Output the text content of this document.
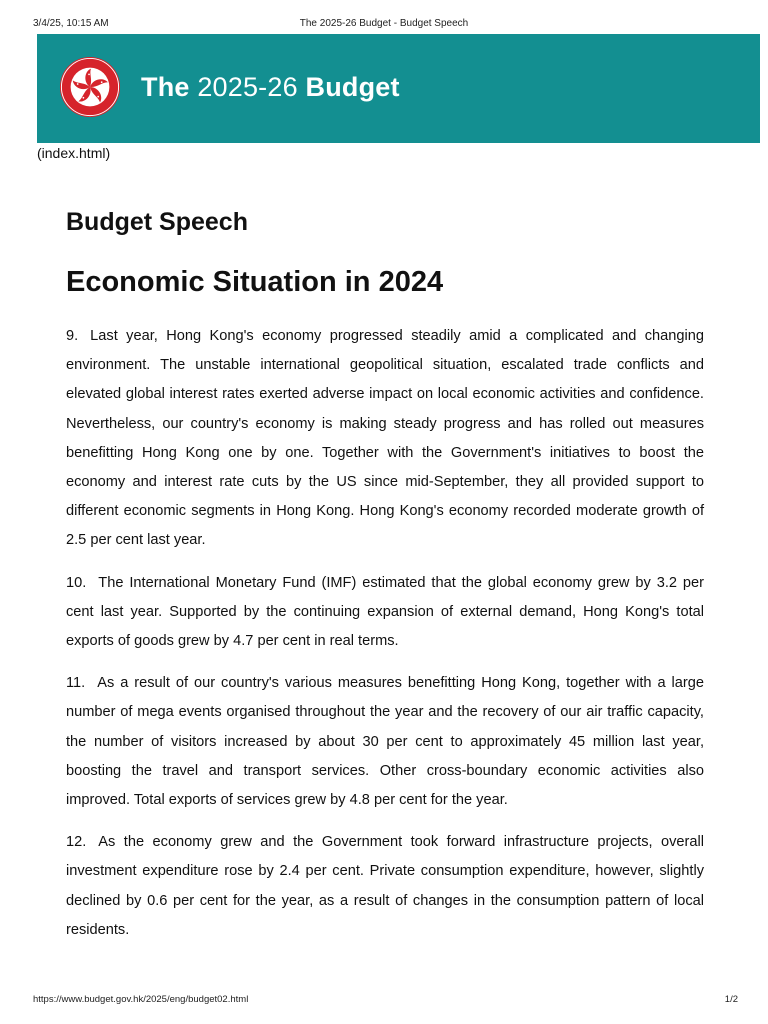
3/4/25, 10:15 AM	The 2025-26 Budget - Budget Speech
The 2025-26 Budget
(index.html)
Budget Speech
Economic Situation in 2024

9. Last year, Hong Kong's economy progressed steadily amid a complicated and changing environment. The unstable international geopolitical situation, escalated trade conflicts and elevated global interest rates exerted adverse impact on local economic activities and confidence. Nevertheless, our country's economy is making steady progress and has rolled out measures benefitting Hong Kong one by one. Together with the Government's initiatives to boost the economy and interest rate cuts by the US since mid-September, they all provided support to different economic segments in Hong Kong. Hong Kong's economy recorded moderate growth of 2.5 per cent last year.

10. The International Monetary Fund (IMF) estimated that the global economy grew by 3.2 per cent last year. Supported by the continuing expansion of external demand, Hong Kong's total exports of goods grew by 4.7 per cent in real terms.

11. As a result of our country's various measures benefitting Hong Kong, together with a large number of mega events organised throughout the year and the recovery of our air traffic capacity, the number of visitors increased by about 30 per cent to approximately 45 million last year, boosting the travel and transport services. Other cross-boundary economic activities also improved. Total exports of services grew by 4.8 per cent for the year.

12. As the economy grew and the Government took forward infrastructure projects, overall investment expenditure rose by 2.4 per cent. Private consumption expenditure, however, slightly declined by 0.6 per cent for the year, as a result of changes in the consumption pattern of local residents.

https://www.budget.gov.hk/2025/eng/budget02.html	1/2
